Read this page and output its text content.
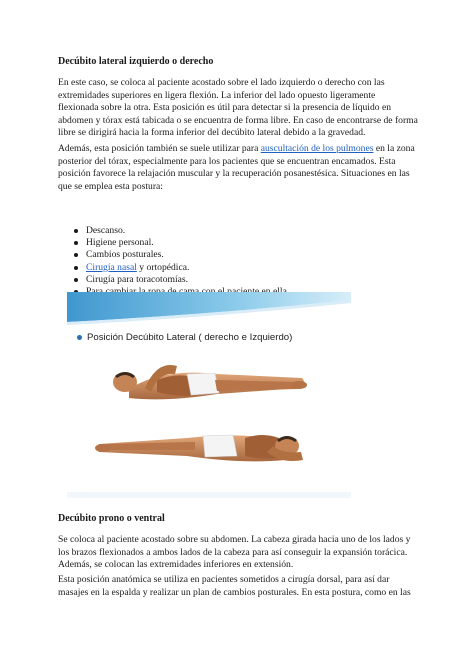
Decúbito lateral izquierdo o derecho

En este caso, se coloca al paciente acostado sobre el lado izquierdo o derecho con las extremidades superiores en ligera flexión. La inferior del lado opuesto ligeramente flexionada sobre la otra. Esta posición es útil para detectar si la presencia de líquido en abdomen y tórax está tabicada o se encuentra de forma libre. En caso de encontrarse de forma libre se dirigirá hacia la forma inferior del decúbito lateral debido a la gravedad.

Además, esta posición también se suele utilizar para auscultación de los pulmones en la zona posterior del tórax, especialmente para los pacientes que se encuentran encamados. Esta posición favorece la relajación muscular y la recuperación posanestésica. Situaciones en las que se emplea esta postura:

Descanso.
Higiene personal.
Cambios posturales.
Cirugía nasal y ortopédica.
Cirugía para toracotomías.
Posición Decúbito Lateral ( derecho e Izquierdo)
Decúbito prono o ventral

Se coloca al paciente acostado sobre su abdomen. La cabeza girada hacia uno de los lados y los brazos flexionados a ambos lados de la cabeza para así conseguir la expansión torácica. Además, se colocan las extremidades inferiores en extensión.

Esta posición anatómica se utiliza en pacientes sometidos a cirugía dorsal, para así dar masajes en la espalda y realizar un plan de cambios posturales. En esta postura, como en las
